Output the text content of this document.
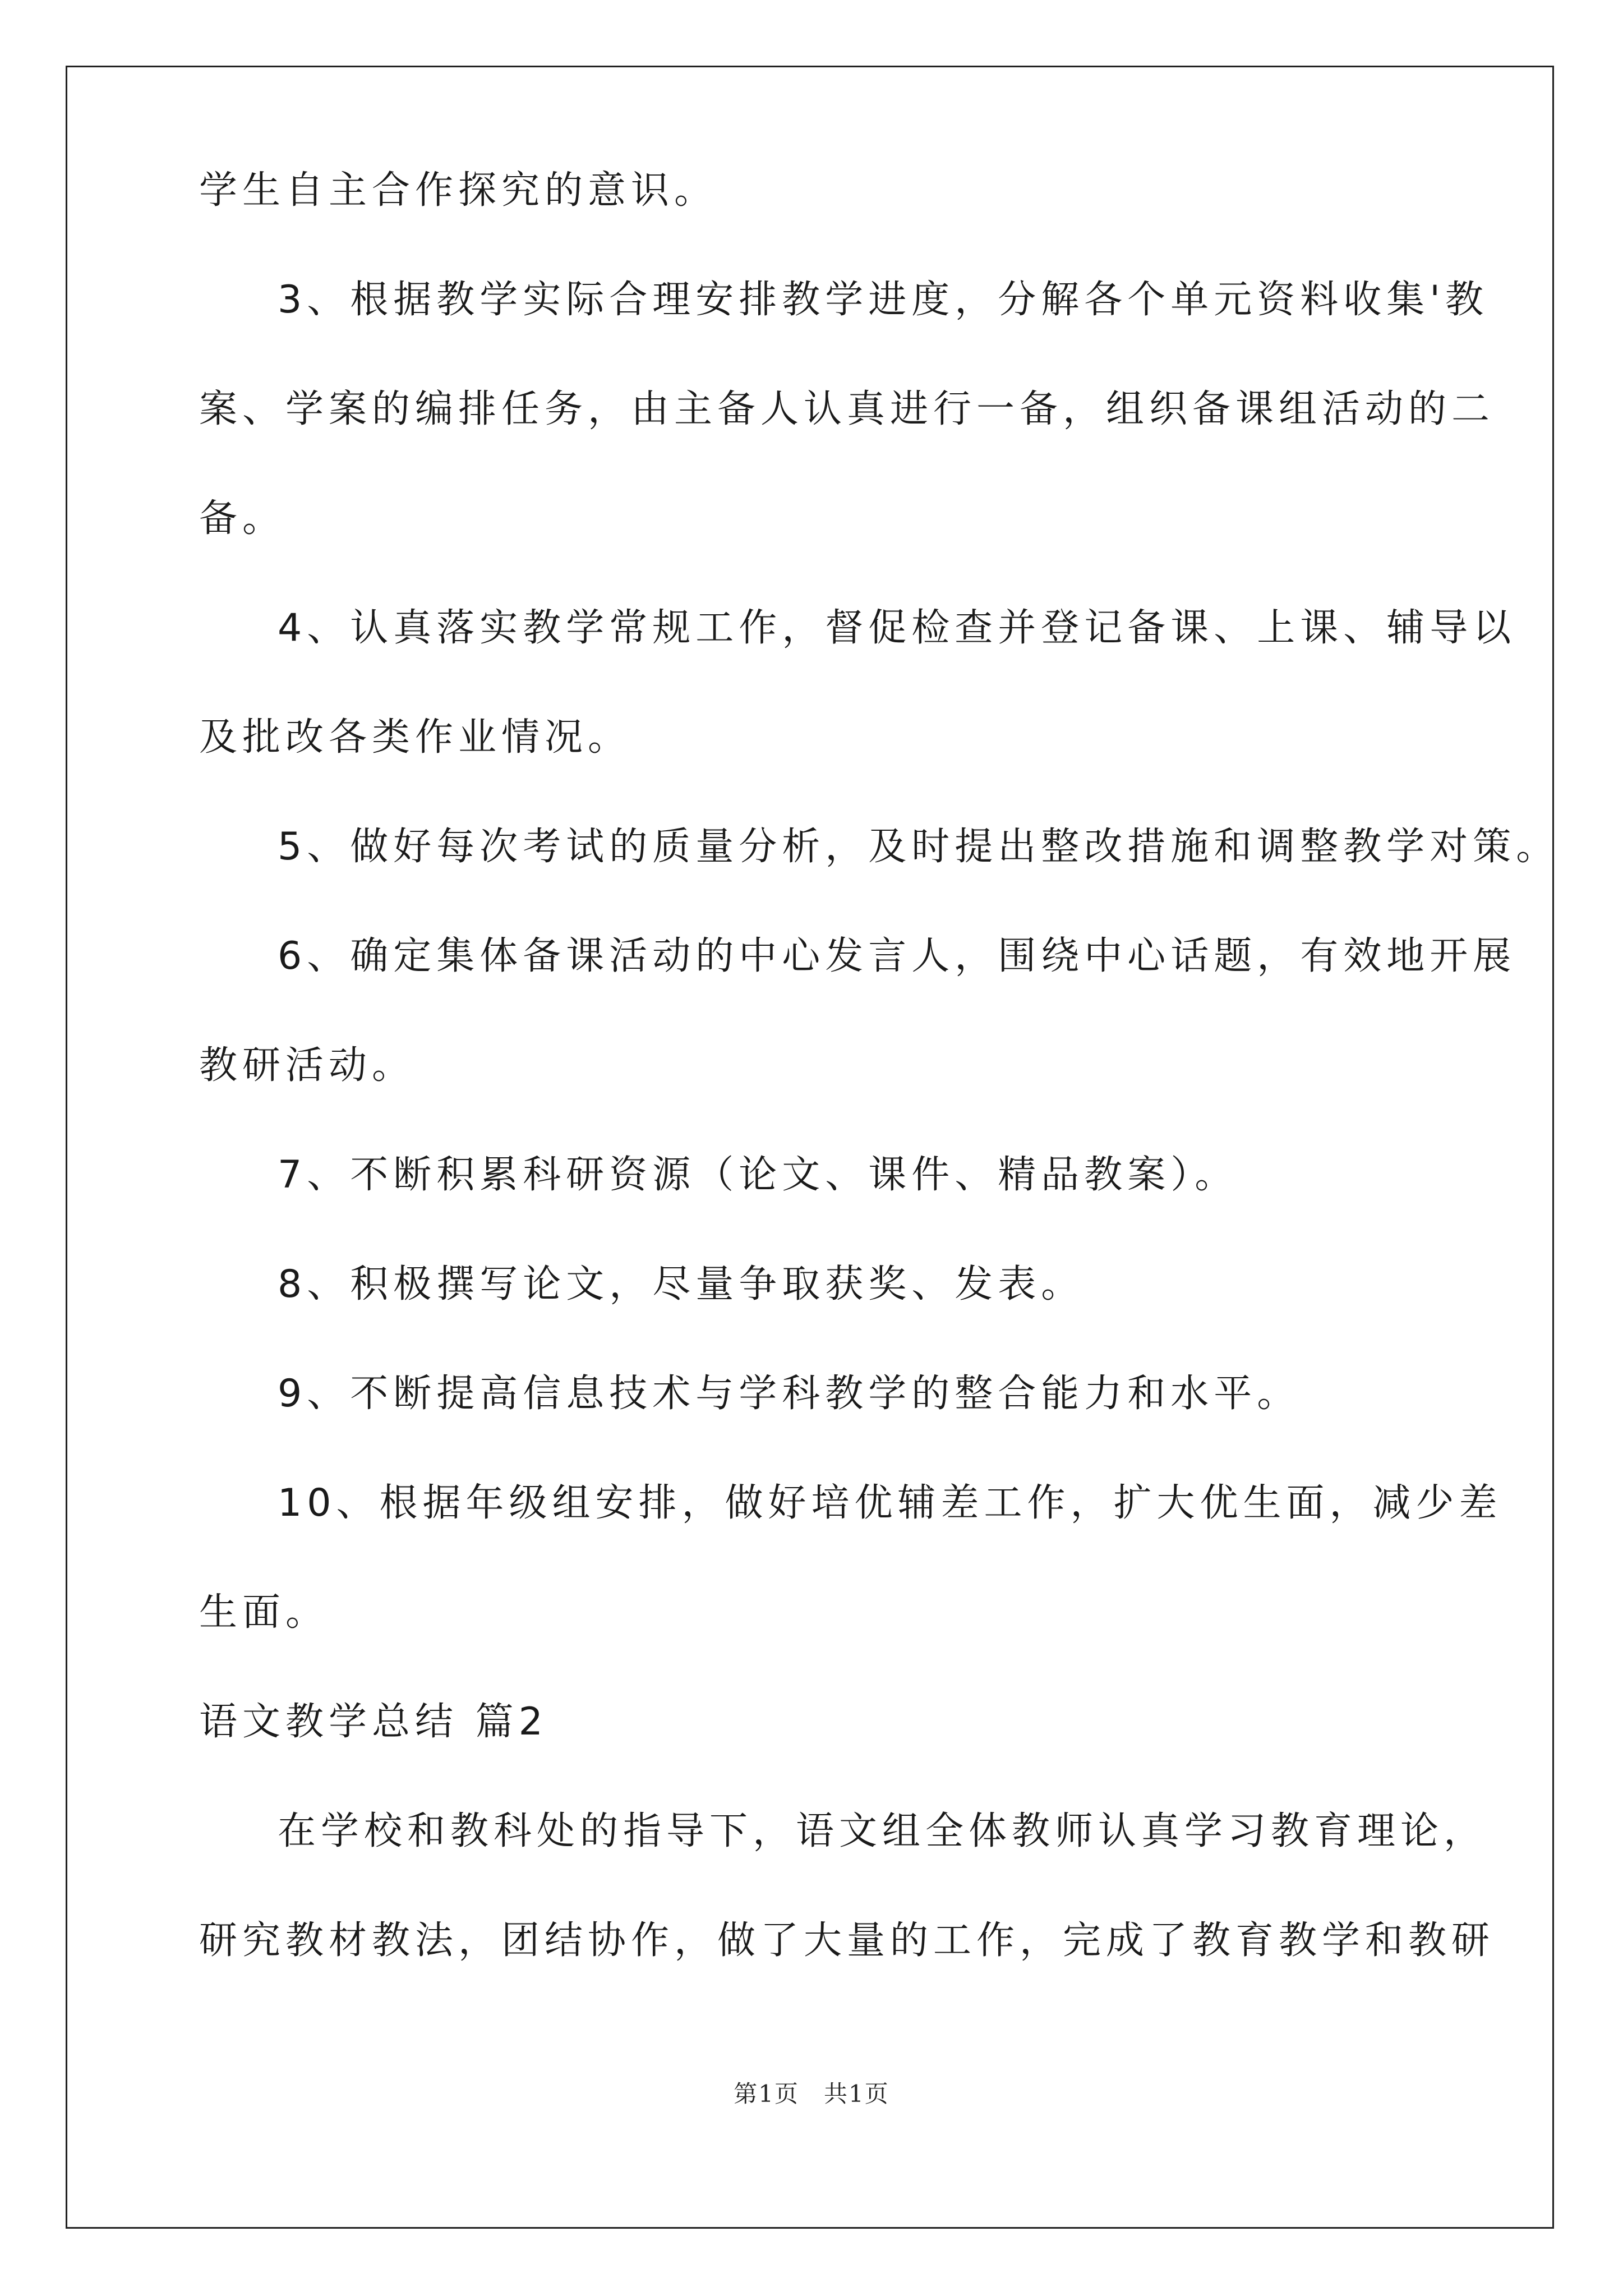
学生自主合作探究的意识。
3、根据教学实际合理安排教学进度，分解各个单元资料收集'教
案、学案的编排任务，由主备人认真进行一备，组织备课组活动的二
备。
4、认真落实教学常规工作，督促检查并登记备课、上课、辅导以
及批改各类作业情况。
5、做好每次考试的质量分析，及时提出整改措施和调整教学对策。
6、确定集体备课活动的中心发言人，围绕中心话题，有效地开展
教研活动。
7、不断积累科研资源（论文、课件、精品教案）。
8、积极撰写论文，尽量争取获奖、发表。
9、不断提高信息技术与学科教学的整合能力和水平。
10、根据年级组安排，做好培优辅差工作，扩大优生面，减少差
生面。
语文教学总结 篇2
在学校和教科处的指导下，语文组全体教师认真学习教育理论，
研究教材教法，团结协作，做了大量的工作，完成了教育教学和教研
第1页　共1页
